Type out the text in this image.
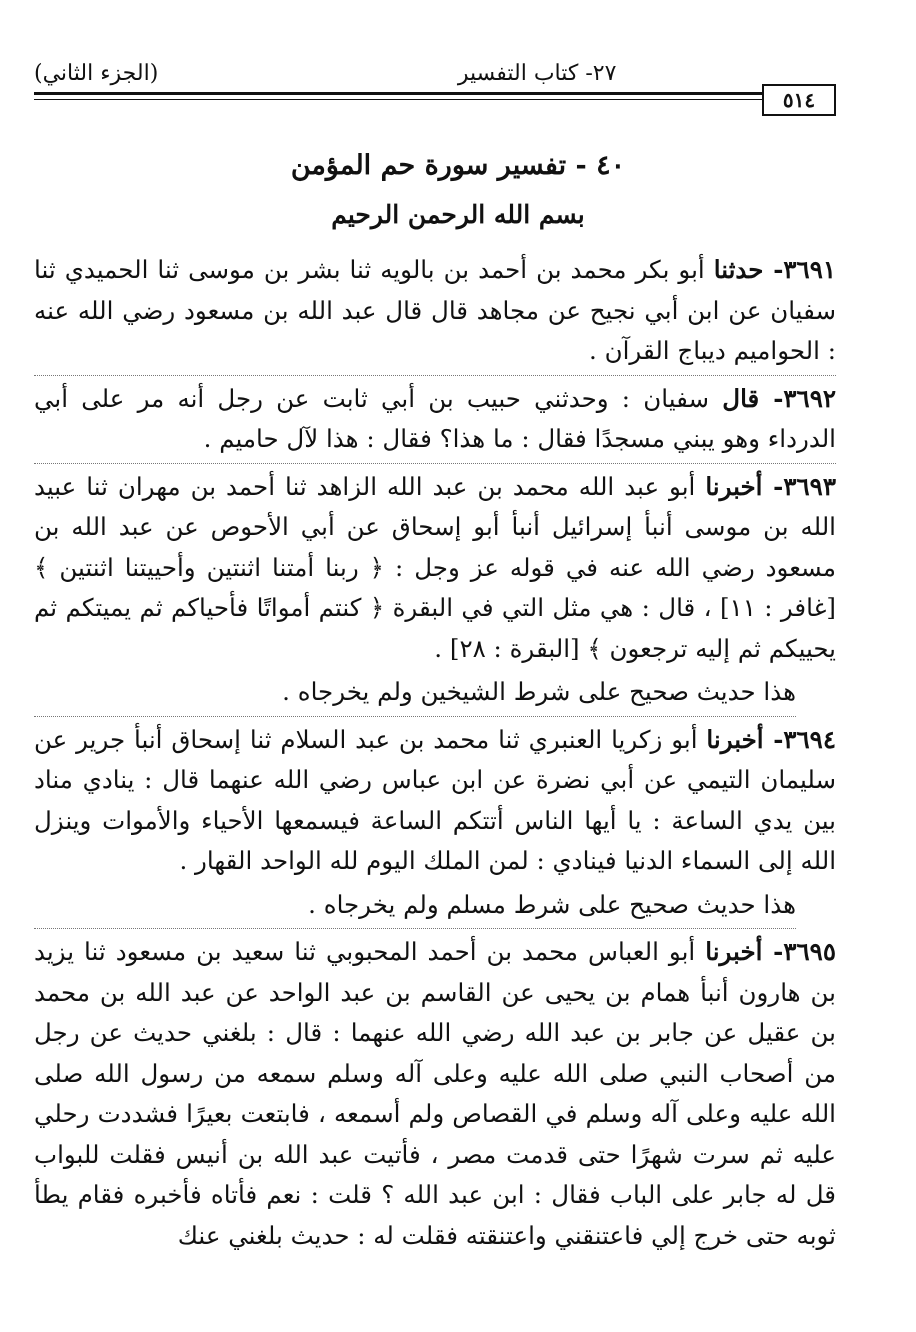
٢٧- كتاب التفسير
(الجزء الثاني)
٥١٤
٤٠ - تفسير سورة حم المؤمن
بسم الله الرحمن الرحيم

٣٦٩١- حدثنا أبو بكر محمد بن أحمد بن بالويه ثنا بشر بن موسى ثنا الحميدي ثنا سفيان عن ابن أبي نجيح عن مجاهد قال قال عبد الله بن مسعود رضي الله عنه : الحواميم ديباج القرآن .

٣٦٩٢- قال سفيان : وحدثني حبيب بن أبي ثابت عن رجل أنه مر على أبي الدرداء وهو يبني مسجدًا فقال : ما هذا؟ فقال : هذا لآل حاميم .

٣٦٩٣- أخبرنا أبو عبد الله محمد بن عبد الله الزاهد ثنا أحمد بن مهران ثنا عبيد الله بن موسى أنبأ إسرائيل أنبأ أبو إسحاق عن أبي الأحوص عن عبد الله بن مسعود رضي الله عنه في قوله عز وجل : ﴿ ربنا أمتنا اثنتين وأحييتنا اثنتين ﴾ [غافر : ١١] ، قال : هي مثل التي في البقرة ﴿ كنتم أمواتًا فأحياكم ثم يميتكم ثم يحييكم ثم إليه ترجعون ﴾ [البقرة : ٢٨] .

هذا حديث صحيح على شرط الشيخين ولم يخرجاه .

٣٦٩٤- أخبرنا أبو زكريا العنبري ثنا محمد بن عبد السلام ثنا إسحاق أنبأ جرير عن سليمان التيمي عن أبي نضرة عن ابن عباس رضي الله عنهما قال : ينادي مناد بين يدي الساعة : يا أيها الناس أتتكم الساعة فيسمعها الأحياء والأموات وينزل الله إلى السماء الدنيا فينادي : لمن الملك اليوم لله الواحد القهار .

هذا حديث صحيح على شرط مسلم ولم يخرجاه .

٣٦٩٥- أخبرنا أبو العباس محمد بن أحمد المحبوبي ثنا سعيد بن مسعود ثنا يزيد بن هارون أنبأ همام بن يحيى عن القاسم بن عبد الواحد عن عبد الله بن محمد بن عقيل عن جابر بن عبد الله رضي الله عنهما : قال : بلغني حديث عن رجل من أصحاب النبي صلى الله عليه وعلى آله وسلم سمعه من رسول الله صلى الله عليه وعلى آله وسلم في القصاص ولم أسمعه ، فابتعت بعيرًا فشددت رحلي عليه ثم سرت شهرًا حتى قدمت مصر ، فأتيت عبد الله بن أنيس فقلت للبواب قل له جابر على الباب فقال : ابن عبد الله ؟ قلت : نعم فأتاه فأخبره فقام يطأ ثوبه حتى خرج إلي فاعتنقني واعتنقته فقلت له : حديث بلغني عنك
